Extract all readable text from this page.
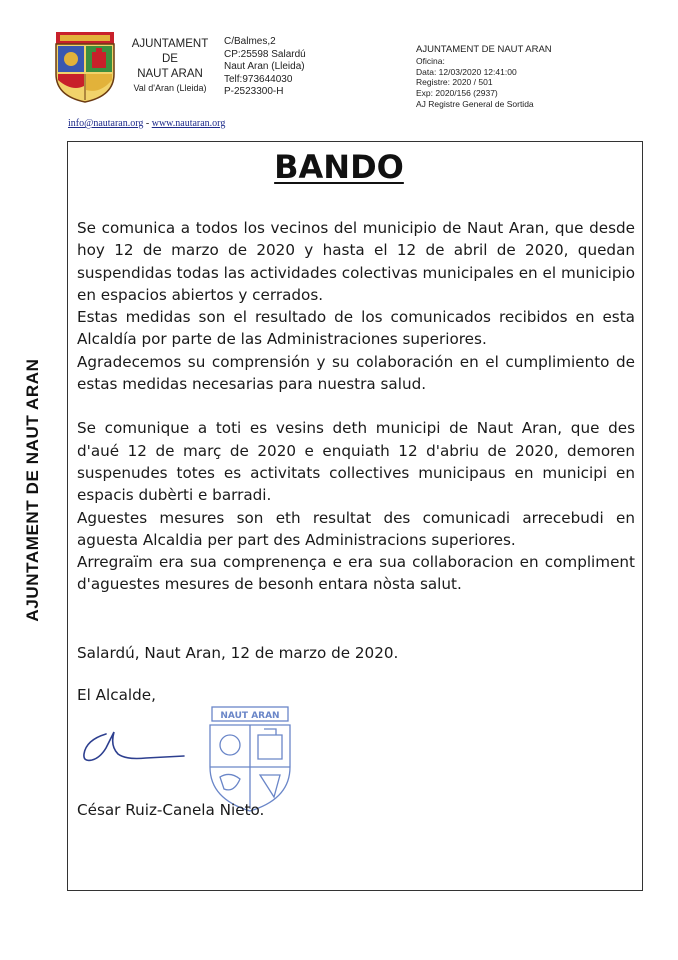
AJUNTAMENT
DE
NAUT ARAN
Val d'Aran (Lleida)
C/Balmes,2
CP:25598 Salardú
Naut Aran (Lleida)
Telf:973644030
P-2523300-H
AJUNTAMENT DE NAUT ARAN
Oficina:
Data: 12/03/2020 12:41:00
Registre: 2020 / 501
Exp: 2020/156 (2937)
AJ Registre General de Sortida
info@nautaran.org - www.nautaran.org
AJUNTAMENT DE NAUT ARAN
BANDO

Se comunica a todos los vecinos del municipio de Naut Aran, que desde hoy 12 de marzo de 2020 y hasta el 12 de abril de 2020, quedan suspendidas todas las actividades colectivas municipales en el municipio en espacios abiertos y cerrados.

Estas medidas son el resultado de los comunicados recibidos en esta Alcaldía por parte de las Administraciones superiores.

Agradecemos su comprensión y su colaboración en el cumplimiento de estas medidas necesarias para nuestra salud.

Se comunique a toti es vesins deth municipi de Naut Aran, que des d'aué 12 de març de 2020 e enquiath 12 d'abriu de 2020, demoren suspenudes totes es activitats collectives municipaus en municipi en espacis dubèrti e barradi.

Aguestes mesures son eth resultat des comunicadi arrecebudi en aguesta Alcaldia per part des Administracions superiores.

Arregraïm era sua comprenença e era sua collaboracion en compliment d'aguestes mesures de besonh entara nòsta salut.

Salardú, Naut Aran, 12 de marzo de 2020.
El Alcalde,
NAUT ARAN
César Ruiz-Canela Nieto.
